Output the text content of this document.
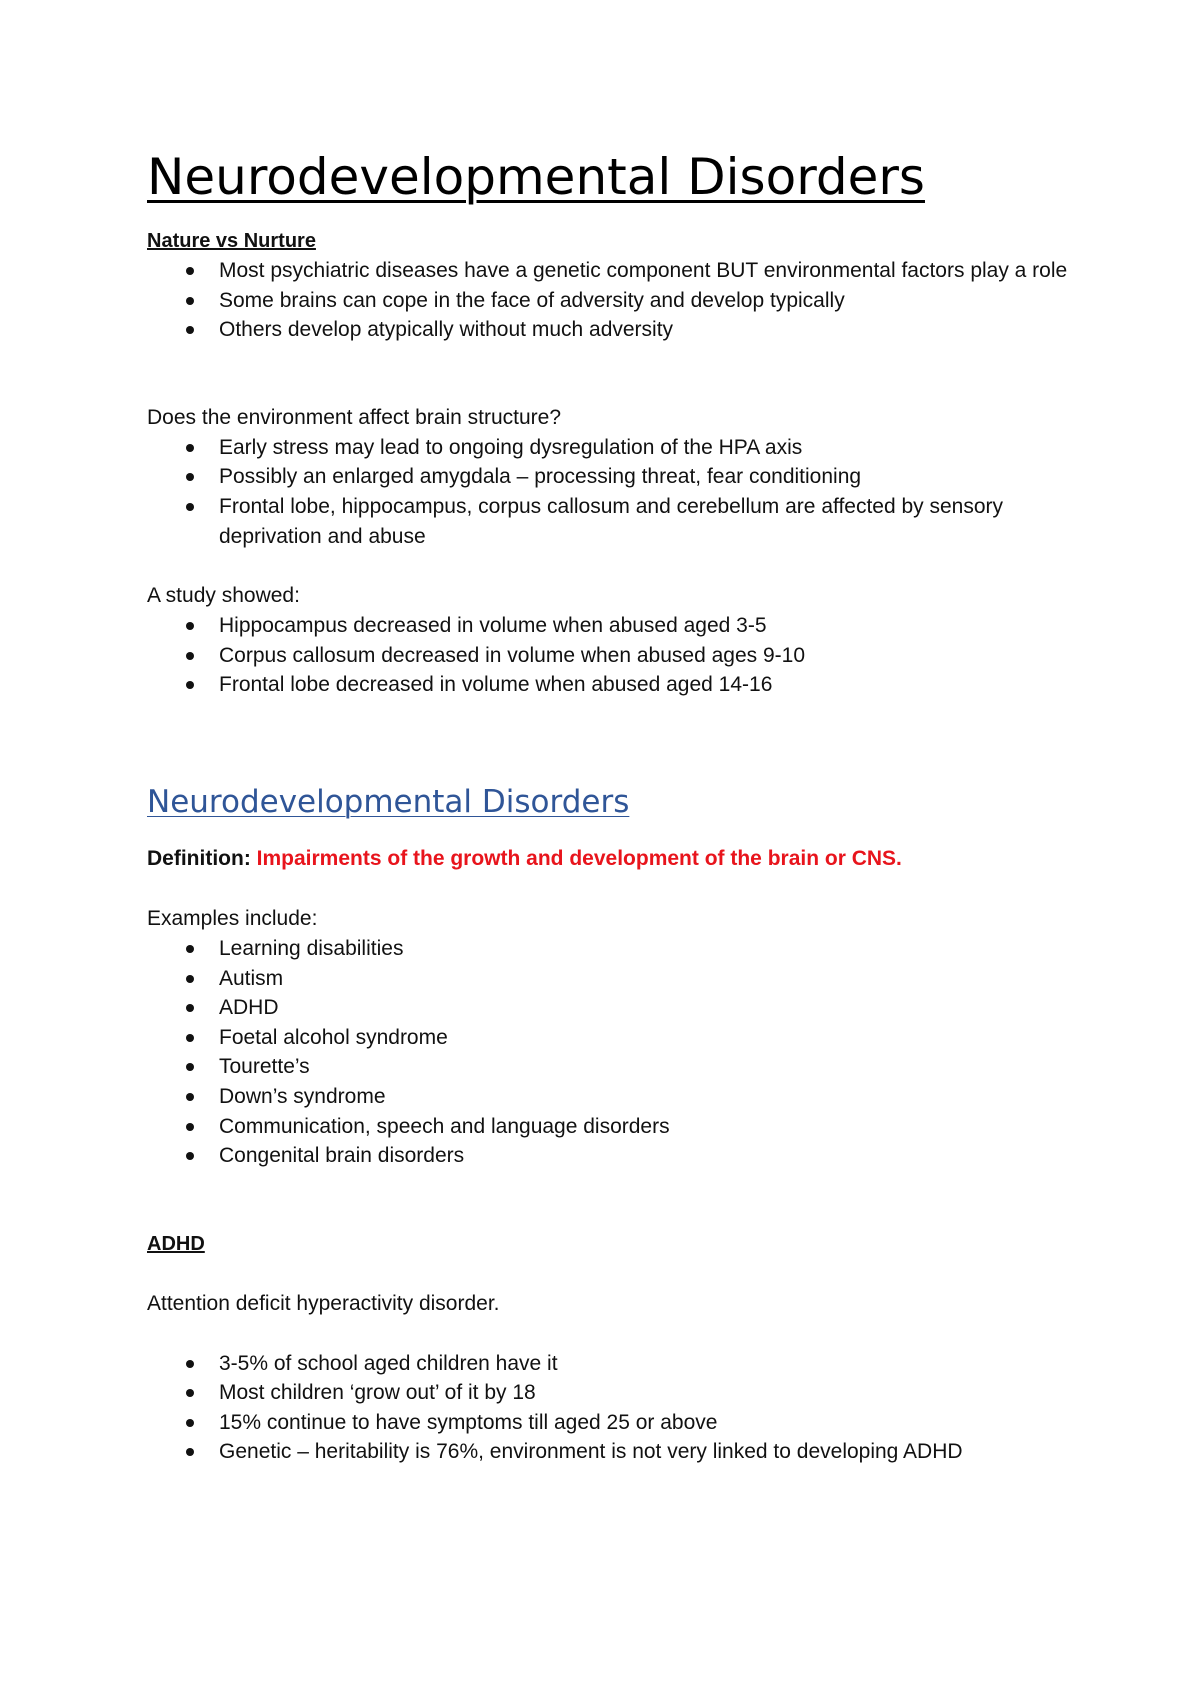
Neurodevelopmental Disorders
Nature vs Nurture
Most psychiatric diseases have a genetic component BUT environmental factors play a role
Some brains can cope in the face of adversity and develop typically
Others develop atypically without much adversity

Does the environment affect brain structure?

Early stress may lead to ongoing dysregulation of the HPA axis
Possibly an enlarged amygdala – processing threat, fear conditioning
Frontal lobe, hippocampus, corpus callosum and cerebellum are affected by sensory deprivation and abuse

A study showed:

Hippocampus decreased in volume when abused aged 3-5
Corpus callosum decreased in volume when abused ages 9-10
Frontal lobe decreased in volume when abused aged 14-16
Neurodevelopmental Disorders

Definition: Impairments of the growth and development of the brain or CNS.

Examples include:

Learning disabilities
Autism
ADHD
Foetal alcohol syndrome
Tourette’s
Down’s syndrome
Communication, speech and language disorders
Congenital brain disorders
ADHD

Attention deficit hyperactivity disorder.

3-5% of school aged children have it
Most children ‘grow out’ of it by 18
15% continue to have symptoms till aged 25 or above
Genetic – heritability is 76%, environment is not very linked to developing ADHD
